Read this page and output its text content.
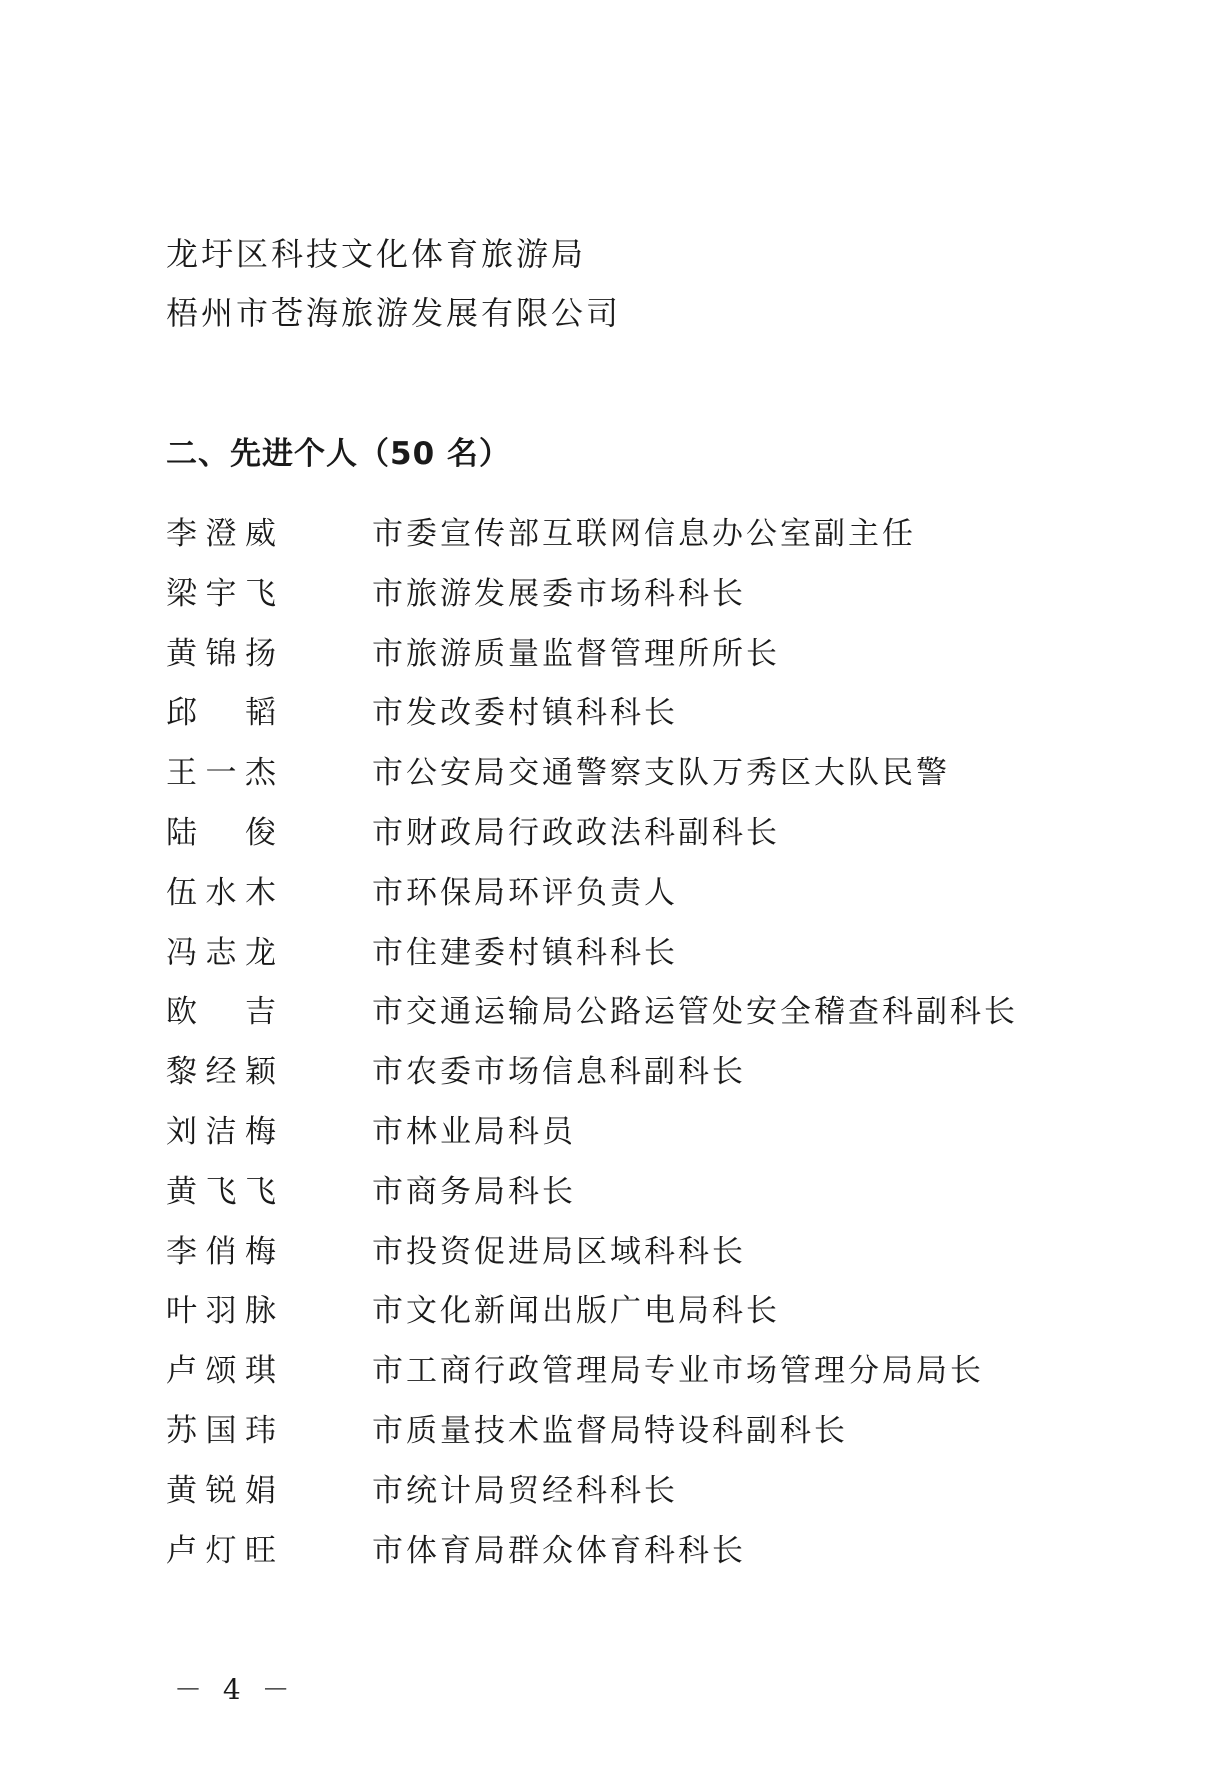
龙圩区科技文化体育旅游局
梧州市苍海旅游发展有限公司
二、先进个人（50 名）
李澄威	市委宣传部互联网信息办公室副主任
梁宇飞	市旅游发展委市场科科长
黄锦扬	市旅游质量监督管理所所长
邱 韬	市发改委村镇科科长
王一杰	市公安局交通警察支队万秀区大队民警
陆 俊	市财政局行政政法科副科长
伍水木	市环保局环评负责人
冯志龙	市住建委村镇科科长
欧 吉	市交通运输局公路运管处安全稽查科副科长
黎经颖	市农委市场信息科副科长
刘洁梅	市林业局科员
黄飞飞	市商务局科长
李俏梅	市投资促进局区域科科长
叶羽脉	市文化新闻出版广电局科长
卢颂琪	市工商行政管理局专业市场管理分局局长
苏国玮	市质量技术监督局特设科副科长
黄锐娟	市统计局贸经科科长
卢灯旺	市体育局群众体育科科长
－ 4 －
